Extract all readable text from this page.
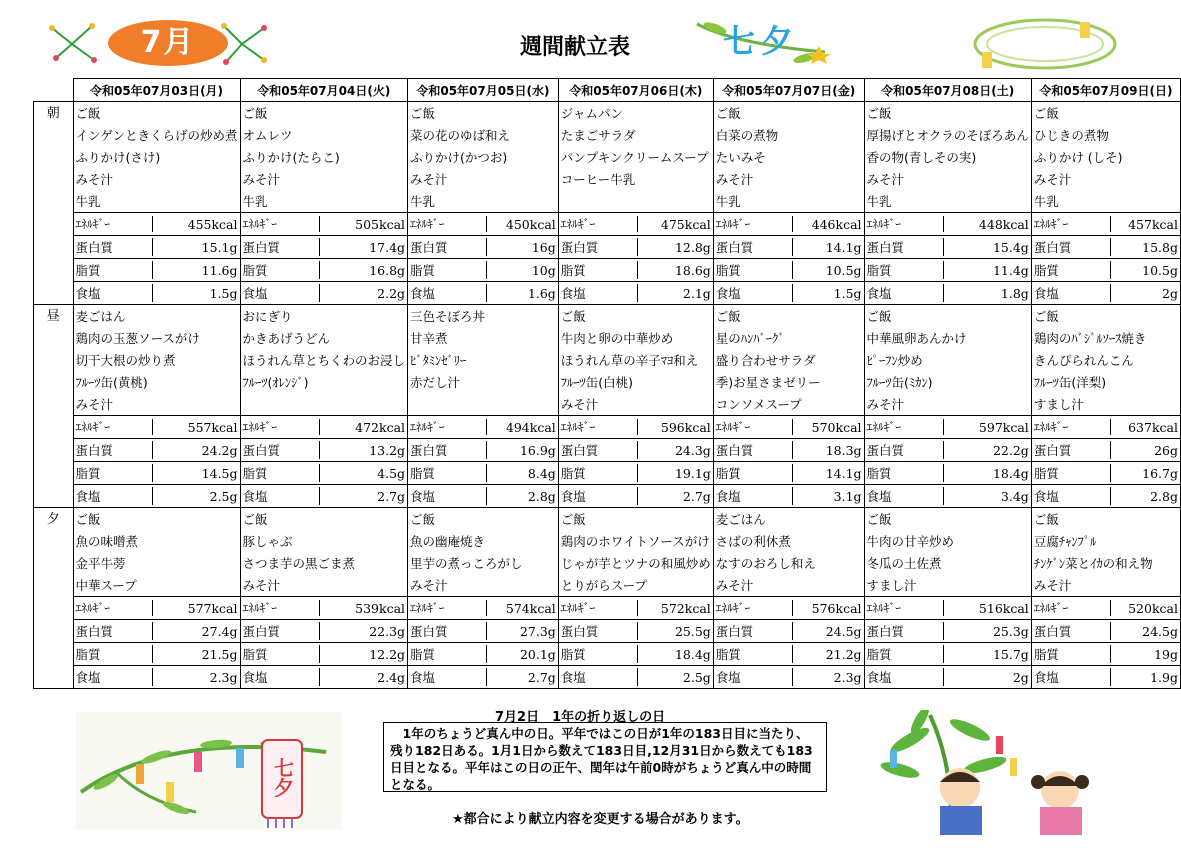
7月	週間献立表	七夕
	令和05年07月03日(月)	令和05年07月04日(火)	令和05年07月05日(水)	令和05年07月06日(木)	令和05年07月07日(金)	令和05年07月08日(土)	令和05年07月09日(日)
朝	ご飯	ご飯	ご飯	ジャムパン	ご飯	ご飯	ご飯
	インゲンときくらげの炒め煮	オムレツ	菜の花のゆば和え	たまごサラダ	白菜の煮物	厚揚げとオクラのそぼろあん	ひじきの煮物
	ふりかけ(さけ)	ふりかけ(たらこ)	ふりかけ(かつお)	パンプキンクリームスープ	たいみそ	香の物(青しその実)	ふりかけ (しそ)
	みそ汁	みそ汁	みそ汁	コーヒー牛乳	みそ汁	みそ汁	みそ汁
	牛乳	牛乳	牛乳		牛乳	牛乳	牛乳

	ｴﾈﾙｷﾞｰ 455kcal	ｴﾈﾙｷﾞｰ 505kcal	ｴﾈﾙｷﾞｰ 450kcal	ｴﾈﾙｷﾞｰ 475kcal	ｴﾈﾙｷﾞｰ 446kcal	ｴﾈﾙｷﾞｰ 448kcal	ｴﾈﾙｷﾞｰ 457kcal

	蛋白質 15.1g	蛋白質 17.4g	蛋白質 16g	蛋白質 12.8g	蛋白質 14.1g	蛋白質 15.4g	蛋白質 15.8g

	脂質 11.6g	脂質 16.8g	脂質 10g	脂質 18.6g	脂質 10.5g	脂質 11.4g	脂質 10.5g

	食塩 1.5g	食塩 2.2g	食塩 1.6g	食塩 2.1g	食塩 1.5g	食塩 1.8g	食塩 2g

昼	麦ごはん	おにぎり	三色そぼろ丼	ご飯	ご飯	ご飯	ご飯
	鶏肉の玉葱ソースがけ	かきあげうどん	甘辛煮	牛肉と卵の中華炒め	星のﾊﾝﾊﾞｰｸﾞ	中華風卵あんかけ	鶏肉のﾊﾞｼﾞﾙｿｰｽ焼き
	切干大根の炒り煮	ほうれん草とちくわのお浸し	ﾋﾞﾀﾐﾝｾﾞﾘｰ	ほうれん草の辛子ﾏﾖ和え	盛り合わせサラダ	ﾋﾟｰﾌﾝ炒め	きんぴられんこん
	ﾌﾙｰﾂ缶(黄桃)	ﾌﾙｰﾂ(ｵﾚﾝｼﾞ)	赤だし汁	ﾌﾙｰﾂ缶(白桃)	季)お星さまゼリー	ﾌﾙｰﾂ缶(ﾐｶﾝ)	ﾌﾙｰﾂ缶(洋梨)
	みそ汁			みそ汁	コンソメスープ	みそ汁	すまし汁

	ｴﾈﾙｷﾞｰ 557kcal	ｴﾈﾙｷﾞｰ 472kcal	ｴﾈﾙｷﾞｰ 494kcal	ｴﾈﾙｷﾞｰ 596kcal	ｴﾈﾙｷﾞｰ 570kcal	ｴﾈﾙｷﾞｰ 597kcal	ｴﾈﾙｷﾞｰ 637kcal

	蛋白質 24.2g	蛋白質 13.2g	蛋白質 16.9g	蛋白質 24.3g	蛋白質 18.3g	蛋白質 22.2g	蛋白質 26g

	脂質 14.5g	脂質 4.5g	脂質 8.4g	脂質 19.1g	脂質 14.1g	脂質 18.4g	脂質 16.7g

	食塩 2.5g	食塩 2.7g	食塩 2.8g	食塩 2.7g	食塩 3.1g	食塩 3.4g	食塩 2.8g

夕	ご飯	ご飯	ご飯	ご飯	麦ごはん	ご飯	ご飯
	魚の味噌煮	豚しゃぶ	魚の幽庵焼き	鶏肉のホワイトソースがけ	さばの利休煮	牛肉の甘辛炒め	豆腐ﾁｬﾝﾌﾟﾙ
	金平牛蒡	さつま芋の黒ごま煮	里芋の煮っころがし	じゃが芋とツナの和風炒め	なすのおろし和え	冬瓜の土佐煮	ﾁﾝｹﾞﾝ菜とｲｶの和え物
	中華スープ	みそ汁	みそ汁	とりがらスープ	みそ汁	すまし汁	みそ汁

	ｴﾈﾙｷﾞｰ 577kcal	ｴﾈﾙｷﾞｰ 539kcal	ｴﾈﾙｷﾞｰ 574kcal	ｴﾈﾙｷﾞｰ 572kcal	ｴﾈﾙｷﾞｰ 576kcal	ｴﾈﾙｷﾞｰ 516kcal	ｴﾈﾙｷﾞｰ 520kcal

	蛋白質 27.4g	蛋白質 22.3g	蛋白質 27.3g	蛋白質 25.5g	蛋白質 24.5g	蛋白質 25.3g	蛋白質 24.5g

	脂質 21.5g	脂質 12.2g	脂質 20.1g	脂質 18.4g	脂質 21.2g	脂質 15.7g	脂質 19g

	食塩 2.3g	食塩 2.4g	食塩 2.7g	食塩 2.5g	食塩 2.3g	食塩 2g	食塩 1.9g
七夕
7月2日　1年の折り返しの日
　1年のちょうど真ん中の日。平年ではこの日が1年の183日目に当たり、残り182日ある。1月1日から数えて183日目,12月31日から数えても183日目となる。平年はこの日の正午、閏年は午前0時がちょうど真ん中の時間となる。
★都合により献立内容を変更する場合があります。
